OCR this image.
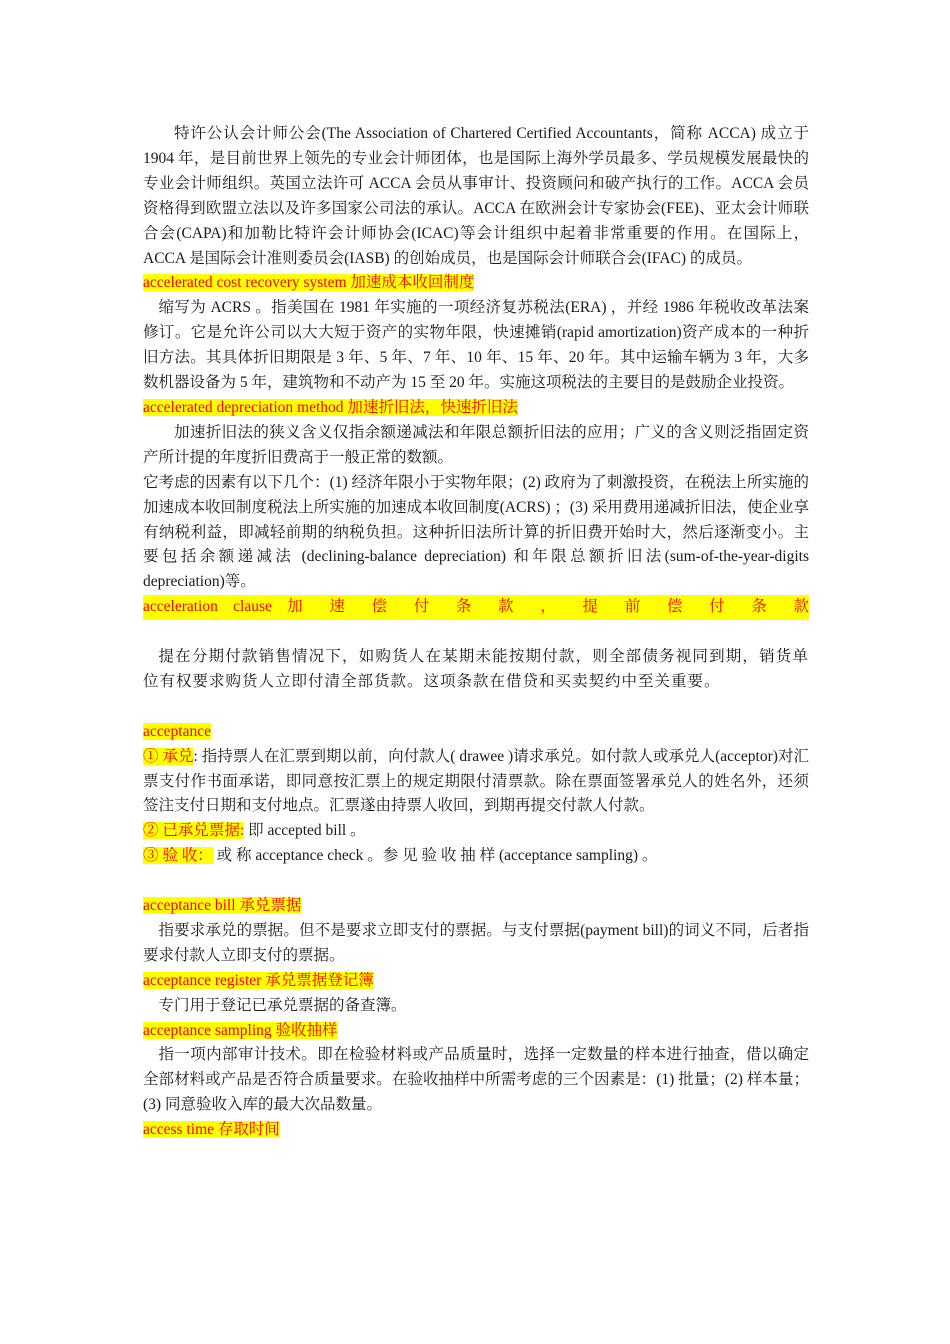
特许公认会计师公会(The Association of Chartered Certified Accountants，简称 ACCA) 成立于 1904 年，是目前世界上领先的专业会计师团体，也是国际上海外学员最多、学员规模发展最快的专业会计师组织。英国立法许可 ACCA 会员从事审计、投资顾问和破产执行的工作。ACCA 会员资格得到欧盟立法以及许多国家公司法的承认。ACCA 在欧洲会计专家协会(FEE)、亚太会计师联合会(CAPA)和加勒比特许会计师协会(ICAC)等会计组织中起着非常重要的作用。在国际上，ACCA 是国际会计准则委员会(IASB) 的创始成员，也是国际会计师联合会(IFAC) 的成员。

accelerated cost recovery system 加速成本收回制度

缩写为 ACRS 。指美国在 1981 年实施的一项经济复苏税法(ERA) ，并经 1986 年税收改革法案修订。它是允许公司以大大短于资产的实物年限，快速摊销(rapid amortization)资产成本的一种折旧方法。其具体折旧期限是 3 年、5 年、7 年、10 年、15 年、20 年。其中运输车辆为 3 年，大多数机器设备为 5 年，建筑物和不动产为 15 至 20 年。实施这项税法的主要目的是鼓励企业投资。

accelerated depreciation method 加速折旧法，快速折旧法

加速折旧法的狭义含义仅指余额递减法和年限总额折旧法的应用；广义的含义则泛指固定资产所计提的年度折旧费高于一般正常的数额。

它考虑的因素有以下几个：(1) 经济年限小于实物年限；(2) 政府为了刺激投资，在税法上所实施的加速成本收回制度税法上所实施的加速成本收回制度(ACRS) ；(3) 采用费用递减折旧法，使企业享有纳税利益，即减轻前期的纳税负担。这种折旧法所计算的折旧费开始时大，然后逐渐变小。主要包括余额递减法 (declining-balance depreciation) 和年限总额折旧法(sum-of-the-year-digits depreciation)等。

acceleration clause 加 速 偿 付 条 款 ， 提 前 偿 付 条 款

提在分期付款销售情况下，如购货人在某期未能按期付款，则全部债务视同到期，销货单位有权要求购货人立即付清全部货款。这项条款在借贷和买卖契约中至关重要。

acceptance

① 承兑: 指持票人在汇票到期以前，向付款人( drawee )请求承兑。如付款人或承兑人(acceptor)对汇票支付作书面承诺，即同意按汇票上的规定期限付清票款。除在票面签署承兑人的姓名外，还须签注支付日期和支付地点。汇票遂由持票人收回，到期再提交付款人付款。

② 已承兑票据: 即 accepted bill 。

③ 验 收： 或 称 acceptance check 。参 见 验 收 抽 样 (acceptance sampling) 。

acceptance bill 承兑票据

指要求承兑的票据。但不是要求立即支付的票据。与支付票据(payment bill)的词义不同，后者指要求付款人立即支付的票据。

acceptance register 承兑票据登记簿

专门用于登记已承兑票据的备查簿。

acceptance sampling 验收抽样

指一项内部审计技术。即在检验材料或产品质量时，选择一定数量的样本进行抽查，借以确定全部材料或产品是否符合质量要求。在验收抽样中所需考虑的三个因素是：(1) 批量；(2) 样本量；(3) 同意验收入库的最大次品数量。

access time 存取时间
